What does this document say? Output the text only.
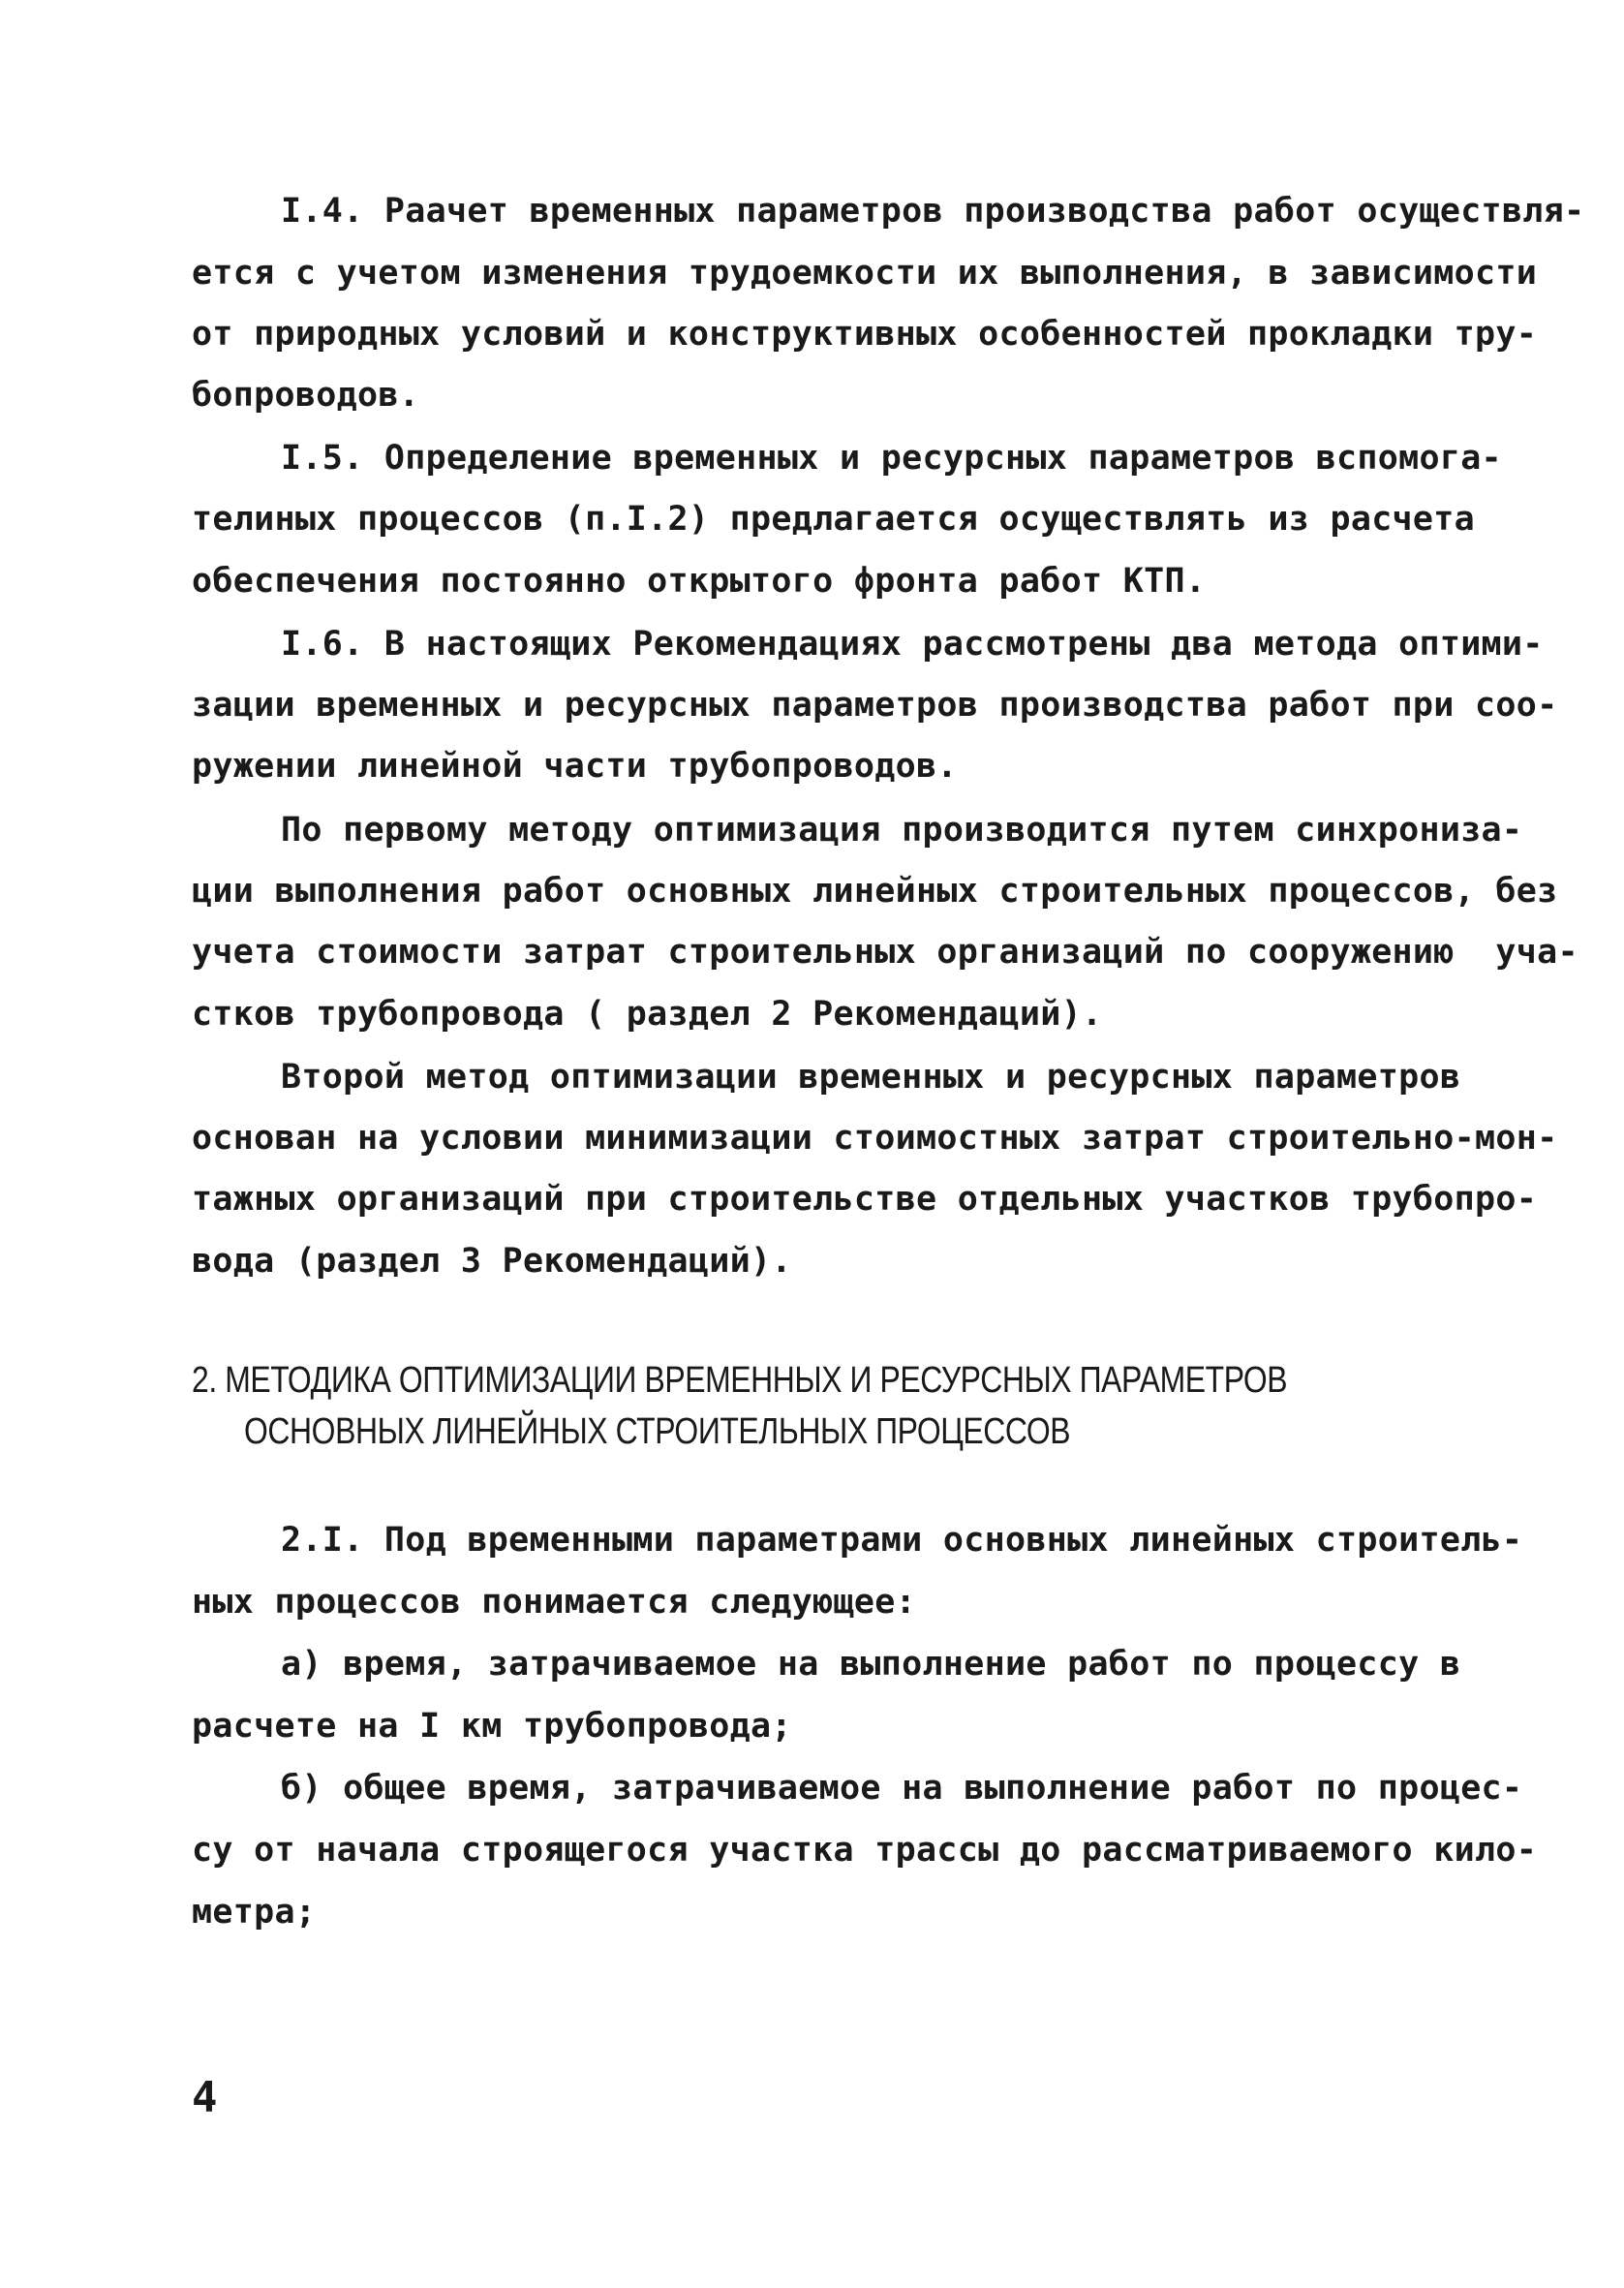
I.4. Раачет временных параметров производства работ осуществля-

ется с учетом изменения трудоемкости их выполнения, в зависимости

от природных условий и конструктивных особенностей прокладки тру-

бопроводов.

I.5. Определение временных и ресурсных параметров вспомога-

телиных процессов (п.I.2) предлагается осуществлять из расчета

обеспечения постоянно открытого фронта работ КТП.

I.6. В настоящих Рекомендациях рассмотрены два метода оптими-

зации временных и ресурсных параметров производства работ при соо-

ружении линейной части трубопроводов.

По первому методу оптимизация производится путем синхрониза-

ции выполнения работ основных линейных строительных процессов, без

учета стоимости затрат строительных организаций по сооружению  уча-

стков трубопровода ( раздел 2 Рекомендаций).

Второй метод оптимизации временных и ресурсных параметров

основан на условии минимизации стоимостных затрат строительно-мон-

тажных организаций при строительстве отдельных участков трубопро-

вода (раздел 3 Рекомендаций).

2. МЕТОДИКА ОПТИМИЗАЦИИ ВРЕМЕННЫХ И РЕСУРСНЫХ ПАРАМЕТРОВ

ОСНОВНЫХ ЛИНЕЙНЫХ СТРОИТЕЛЬНЫХ ПРОЦЕССОВ

2.I. Под временными параметрами основных линейных строитель-

ных процессов понимается следующее:

а) время, затрачиваемое на выполнение работ по процессу в

расчете на I км трубопровода;

б) общее время, затрачиваемое на выполнение работ по процес-

су от начала строящегося участка трассы до рассматриваемого кило-

метра;

4
